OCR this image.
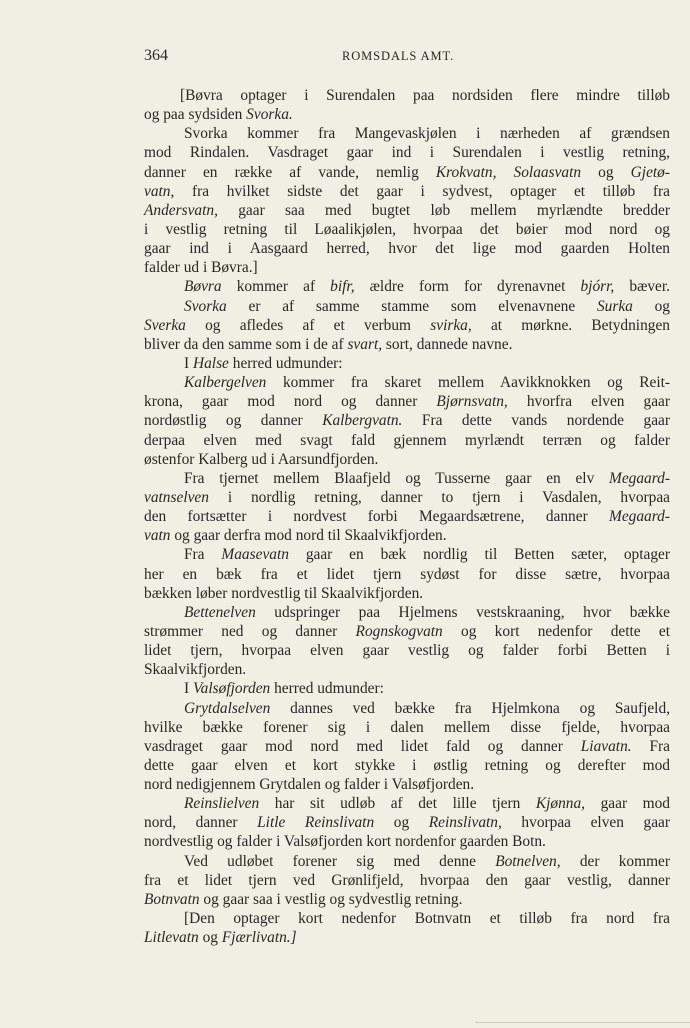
364	ROMSDALS AMT.
[Bøvra optager i Surendalen paa nordsiden flere mindre tilløb
og paa sydsiden Svorka.
Svorka kommer fra Mangevaskjølen i nærheden af grændsen
mod Rindalen. Vasdraget gaar ind i Surendalen i vestlig retning,
danner en række af vande, nemlig Krokvatn, Solaasvatn og Gjetø-
vatn, fra hvilket sidste det gaar i sydvest, optager et tilløb fra
Andersvatn, gaar saa med bugtet løb mellem myrlændte bredder
i vestlig retning til Løaalikjølen, hvorpaa det bøier mod nord og
gaar ind i Aasgaard herred, hvor det lige mod gaarden Holten
falder ud i Bøvra.]
Bøvra kommer af bifr, ældre form for dyrenavnet bjórr, bæver.
Svorka er af samme stamme som elvenavnene Surka og
Sverka og afledes af et verbum svirka, at mørkne. Betydningen
bliver da den samme som i de af svart, sort, dannede navne.
I Halse herred udmunder:
Kalbergelven kommer fra skaret mellem Aavikknokken og Reit-
krona, gaar mod nord og danner Bjørnsvatn, hvorfra elven gaar
nordøstlig og danner Kalbergvatn. Fra dette vands nordende gaar
derpaa elven med svagt fald gjennem myrlændt terræn og falder
østenfor Kalberg ud i Aarsundfjorden.
Fra tjernet mellem Blaafjeld og Tusserne gaar en elv Megaard-
vatnselven i nordlig retning, danner to tjern i Vasdalen, hvorpaa
den fortsætter i nordvest forbi Megaardsætrene, danner Megaard-
vatn og gaar derfra mod nord til Skaalvikfjorden.
Fra Maasevatn gaar en bæk nordlig til Betten sæter, optager
her en bæk fra et lidet tjern sydøst for disse sætre, hvorpaa
bækken løber nordvestlig til Skaalvikfjorden.
Bettenelven udspringer paa Hjelmens vestskraaning, hvor bække
strømmer ned og danner Rognskogvatn og kort nedenfor dette et
lidet tjern, hvorpaa elven gaar vestlig og falder forbi Betten i
Skaalvikfjorden.
I Valsøfjorden herred udmunder:
Grytdalselven dannes ved bække fra Hjelmkona og Saufjeld,
hvilke bække forener sig i dalen mellem disse fjelde, hvorpaa
vasdraget gaar mod nord med lidet fald og danner Liavatn. Fra
dette gaar elven et kort stykke i østlig retning og derefter mod
nord nedigjennem Grytdalen og falder i Valsøfjorden.
Reinslielven har sit udløb af det lille tjern Kjønna, gaar mod
nord, danner Litle Reinslivatn og Reinslivatn, hvorpaa elven gaar
nordvestlig og falder i Valsøfjorden kort nordenfor gaarden Botn.
Ved udløbet forener sig med denne Botnelven, der kommer
fra et lidet tjern ved Grønlifjeld, hvorpaa den gaar vestlig, danner
Botnvatn og gaar saa i vestlig og sydvestlig retning.
[Den optager kort nedenfor Botnvatn et tilløb fra nord fra
Litlevatn og Fjærlivatn.]
